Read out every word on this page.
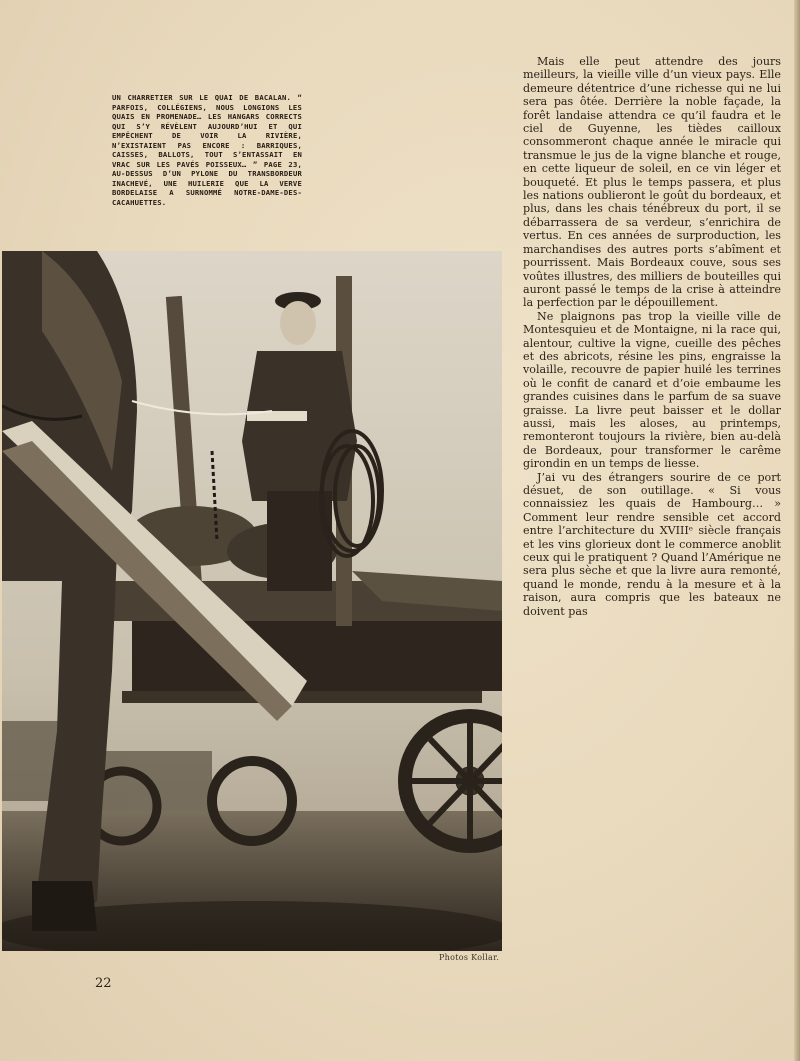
UN CHARRETIER SUR LE QUAI DE BACALAN. “ PARFOIS, COLLÉGIENS, NOUS LONGIONS LES QUAIS EN PROMENADE… LES HANGARS CORRECTS QUI S’Y RÉVÈLENT AUJOURD’HUI ET QUI EMPÊCHENT DE VOIR LA RIVIÈRE, N’EXISTAIENT PAS ENCORE : BARRIQUES, CAISSES, BALLOTS, TOUT S’ENTASSAIT EN VRAC SUR LES PAVÉS POISSEUX… ” PAGE 23, AU-DESSUS D’UN PYLONE DU TRANSBORDEUR INACHEVÉ, UNE HUILERIE QUE LA VERVE BORDELAISE A SURNOMMÉ NOTRE-DAME-DES-CACAHUETTES.

Mais elle peut attendre des jours meilleurs, la vieille ville d’un vieux pays. Elle demeure détentrice d’une richesse qui ne lui sera pas ôtée. Derrière la noble façade, la forêt landaise attendra ce qu’il faudra et le ciel de Guyenne, les tièdes cailloux consommeront chaque année le miracle qui transmue le jus de la vigne blanche et rouge, en cette liqueur de soleil, en ce vin léger et bouqueté. Et plus le temps passera, et plus les nations oublieront le goût du bordeaux, et plus, dans les chais ténébreux du port, il se débarrassera de sa verdeur, s’enrichira de vertus. En ces années de surproduction, les marchandises des autres ports s’abîment et pourrissent. Mais Bordeaux couve, sous ses voûtes illustres, des milliers de bouteilles qui auront passé le temps de la crise à atteindre la perfection par le dépouillement.

Ne plaignons pas trop la vieille ville de Montesquieu et de Montaigne, ni la race qui, alentour, cultive la vigne, cueille des pêches et des abricots, résine les pins, engraisse la volaille, recouvre de papier huilé les terrines où le confit de canard et d’oie embaume les grandes cuisines dans le parfum de sa suave graisse. La livre peut baisser et le dollar aussi, mais les aloses, au printemps, remonteront toujours la rivière, bien au-delà de Bordeaux, pour transformer le carême girondin en un temps de liesse.

J’ai vu des étrangers sourire de ce port désuet, de son outillage. « Si vous connaissiez les quais de Hambourg… » Comment leur rendre sensible cet accord entre l’architecture du XVIIIᵉ siècle français et les vins glorieux dont le commerce anoblit ceux qui le pratiquent ? Quand l’Amérique ne sera plus sèche et que la livre aura remonté, quand le monde, rendu à la mesure et à la raison, aura compris que les bateaux ne doivent pas

Photos Kollar.
22
